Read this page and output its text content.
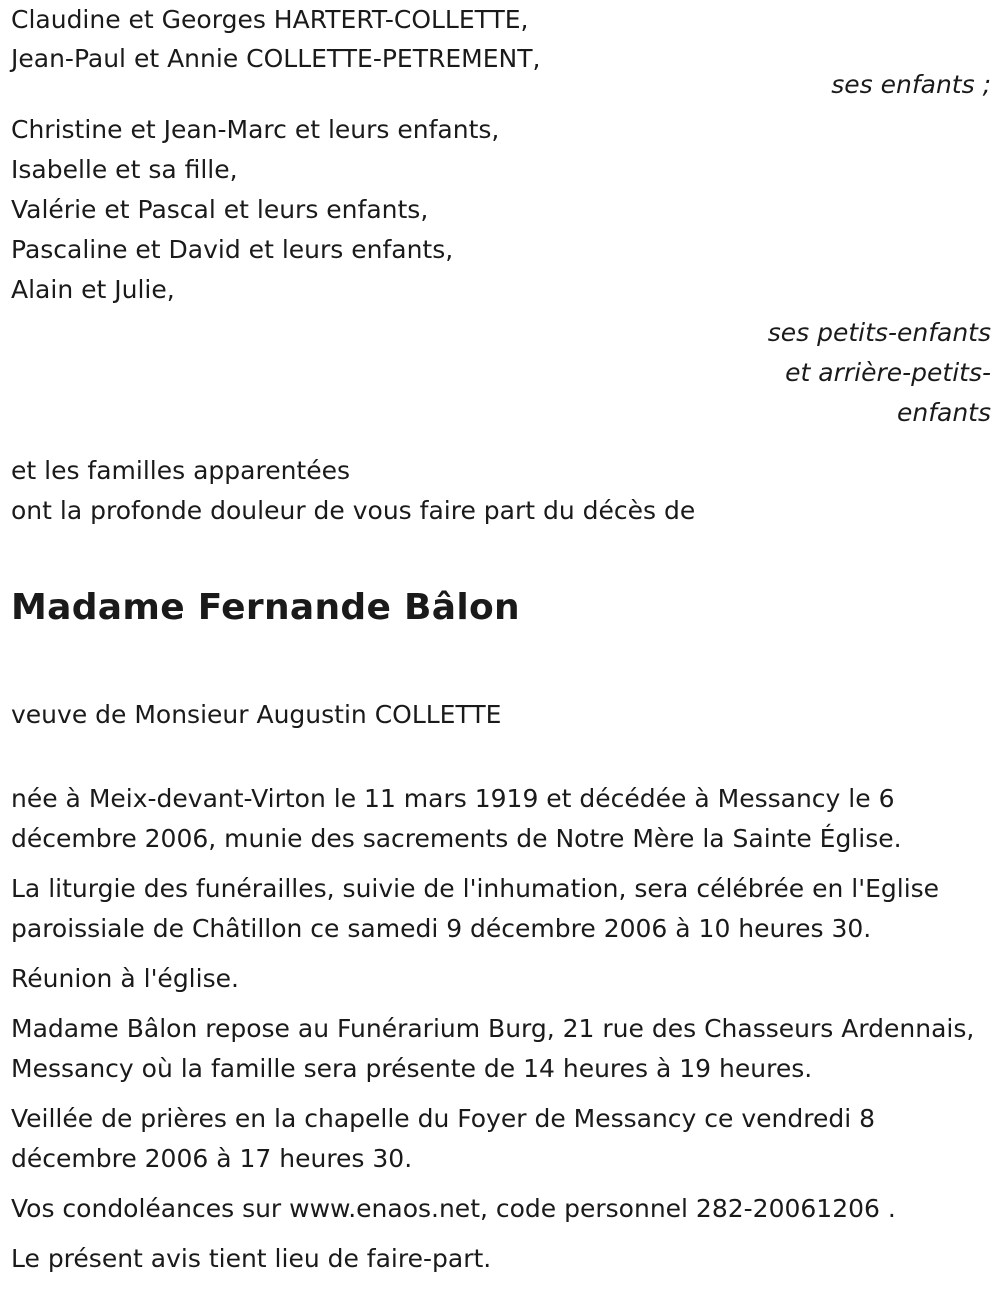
Claudine et Georges HARTERT-COLLETTE,
Jean-Paul et Annie COLLETTE-PETREMENT,
ses enfants ;
Christine et Jean-Marc et leurs enfants,
Isabelle et sa fille,
Valérie et Pascal et leurs enfants,
Pascaline et David et leurs enfants,
Alain et Julie,
ses petits-enfants
et arrière-petits-
enfants
et les familles apparentées
ont la profonde douleur de vous faire part du décès de
Madame Fernande Bâlon
veuve de Monsieur Augustin COLLETTE

née à Meix-devant-Virton le 11 mars 1919 et décédée à Messancy le 6 décembre 2006, munie des sacrements de Notre Mère la Sainte Église.

La liturgie des funérailles, suivie de l'inhumation, sera célébrée en l'Eglise paroissiale de Châtillon ce samedi 9 décembre 2006 à 10 heures 30.

Réunion à l'église.

Madame Bâlon repose au Funérarium Burg, 21 rue des Chasseurs Ardennais, Messancy où la famille sera présente de 14 heures à 19 heures.

Veillée de prières en la chapelle du Foyer de Messancy ce vendredi 8 décembre 2006 à 17 heures 30.

Vos condoléances sur www.enaos.net, code personnel 282-20061206 .

Le présent avis tient lieu de faire-part.
